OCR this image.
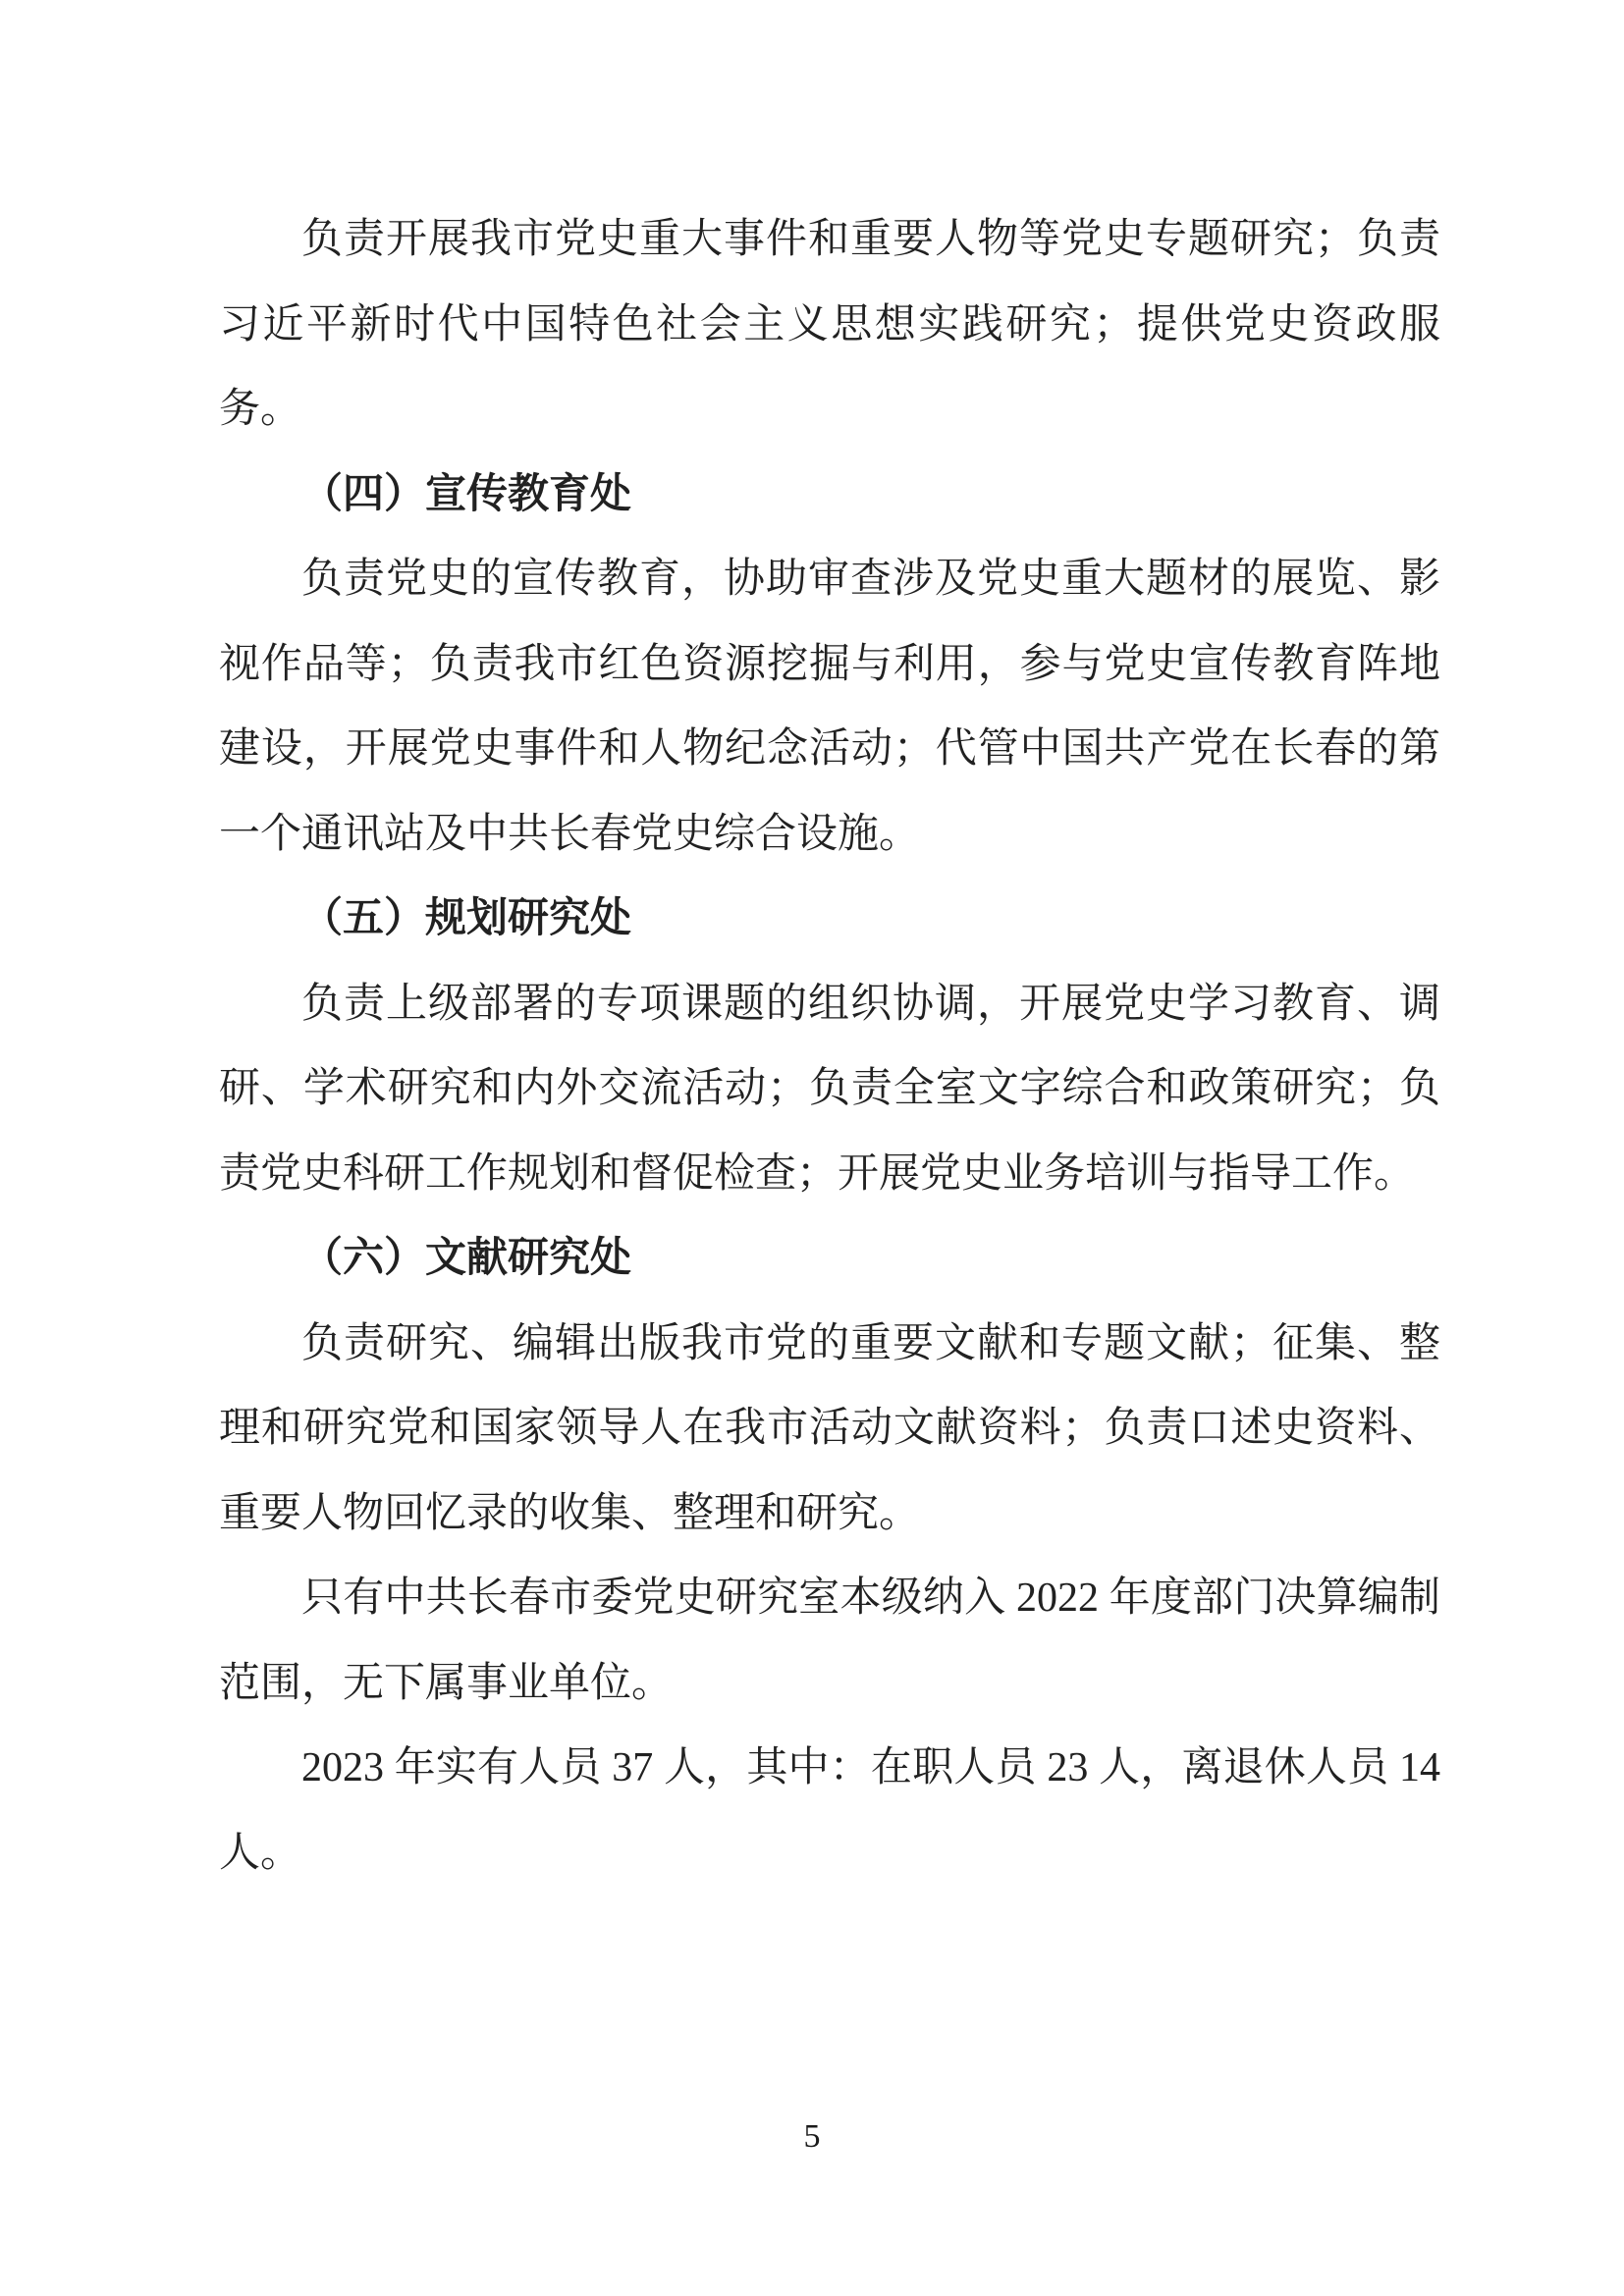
负责开展我市党史重大事件和重要人物等党史专题研究；负责习近平新时代中国特色社会主义思想实践研究；提供党史资政服务。

（四）宣传教育处

负责党史的宣传教育，协助审查涉及党史重大题材的展览、影视作品等；负责我市红色资源挖掘与利用，参与党史宣传教育阵地建设，开展党史事件和人物纪念活动；代管中国共产党在长春的第一个通讯站及中共长春党史综合设施。

（五）规划研究处

负责上级部署的专项课题的组织协调，开展党史学习教育、调研、学术研究和内外交流活动；负责全室文字综合和政策研究；负责党史科研工作规划和督促检查；开展党史业务培训与指导工作。

（六）文献研究处

负责研究、编辑出版我市党的重要文献和专题文献；征集、整理和研究党和国家领导人在我市活动文献资料；负责口述史资料、重要人物回忆录的收集、整理和研究。

只有中共长春市委党史研究室本级纳入 2022 年度部门决算编制范围，无下属事业单位。

2023 年实有人员 37 人，其中：在职人员 23 人，离退休人员 14 人。

5
